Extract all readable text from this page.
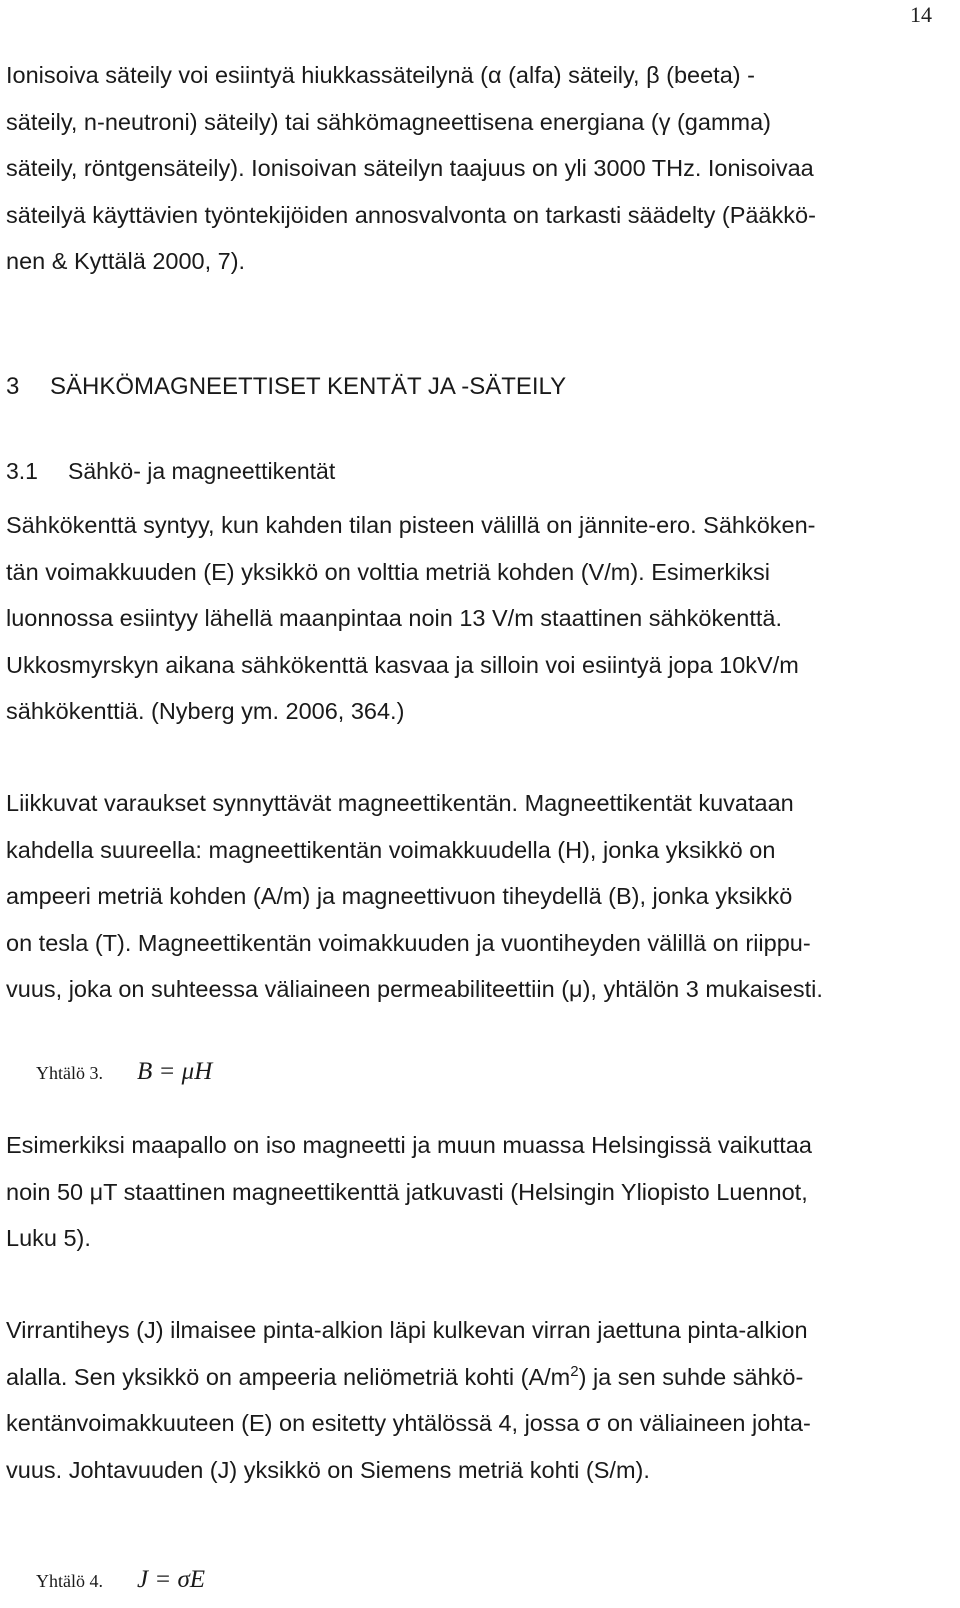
14

Ionisoiva säteily voi esiintyä hiukkassäteilynä (α (alfa) säteily, β (beeta) -

säteily, n-neutroni) säteily) tai sähkömagneettisena energiana (γ (gamma)

säteily, röntgensäteily). Ionisoivan säteilyn taajuus on yli 3000 THz. Ionisoivaa

säteilyä käyttävien työntekijöiden annosvalvonta on tarkasti säädelty (Pääkkö-

nen & Kyttälä 2000, 7).

3 SÄHKÖMAGNEETTISET KENTÄT JA -SÄTEILY
3.1 Sähkö- ja magneettikentät

Sähkökenttä syntyy, kun kahden tilan pisteen välillä on jännite-ero. Sähköken-

tän voimakkuuden (E) yksikkö on volttia metriä kohden (V/m). Esimerkiksi

luonnossa esiintyy lähellä maanpintaa noin 13 V/m staattinen sähkökenttä.

Ukkosmyrskyn aikana sähkökenttä kasvaa ja silloin voi esiintyä jopa 10kV/m

sähkökenttiä. (Nyberg ym. 2006, 364.)

Liikkuvat varaukset synnyttävät magneettikentän. Magneettikentät kuvataan

kahdella suureella: magneettikentän voimakkuudella (H), jonka yksikkö on

ampeeri metriä kohden (A/m) ja magneettivuon tiheydellä (B), jonka yksikkö

on tesla (T). Magneettikentän voimakkuuden ja vuontiheyden välillä on riippu-

vuus, joka on suhteessa väliaineen permeabiliteettiin (μ), yhtälön 3 mukaisesti.

Yhtälö 3. B = μH

Esimerkiksi maapallo on iso magneetti ja muun muassa Helsingissä vaikuttaa

noin 50 μT staattinen magneettikenttä jatkuvasti (Helsingin Yliopisto Luennot,

Luku 5).

Virrantiheys (J) ilmaisee pinta-alkion läpi kulkevan virran jaettuna pinta-alkion

alalla. Sen yksikkö on ampeeria neliömetriä kohti $(A/m^2)$ ja sen suhde sähkö-

kentänvoimakkuuteen (E) on esitetty yhtälössä 4, jossa σ on väliaineen johta-

vuus. Johtavuuden (J) yksikkö on Siemens metriä kohti (S/m).

Yhtälö 4. J = σE
